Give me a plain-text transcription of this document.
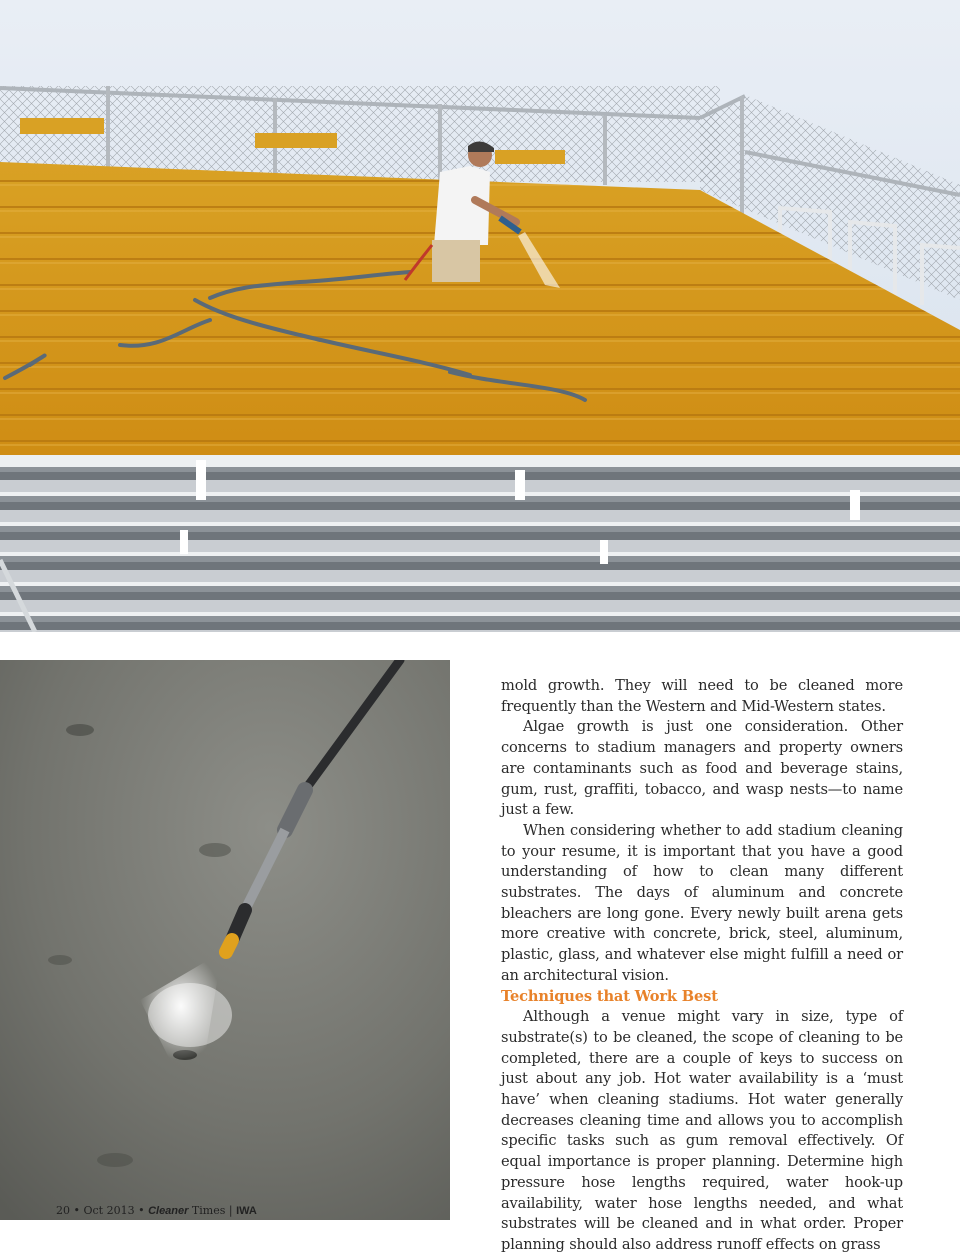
mold growth. They will need to be cleaned more frequently than the Western and Mid-Western states.

Algae growth is just one consideration. Other concerns to stadium managers and property owners are contaminants such as food and beverage stains, gum, rust, graffiti, tobacco, and wasp nests—to name just a few.

When considering whether to add stadium cleaning to your resume, it is important that you have a good understanding of how to clean many different substrates. The days of aluminum and concrete bleachers are long gone. Every newly built arena gets more creative with concrete, brick, steel, aluminum, plastic, glass, and whatever else might fulfill a need or an architectural vision.

Techniques that Work Best

Although a venue might vary in size, type of substrate(s) to be cleaned, the scope of cleaning to be completed, there are a couple of keys to success on just about any job. Hot water availability is a ‘must have’ when cleaning stadiums. Hot water generally decreases cleaning time and allows you to accomplish specific tasks such as gum removal effectively. Of equal importance is proper planning. Determine high pressure hose lengths required, water hook-up availability, water hose lengths needed, and what substrates will be cleaned and in what order. Proper planning should also address runoff effects on grass

20 • Oct 2013 • Cleaner Times | IWA
